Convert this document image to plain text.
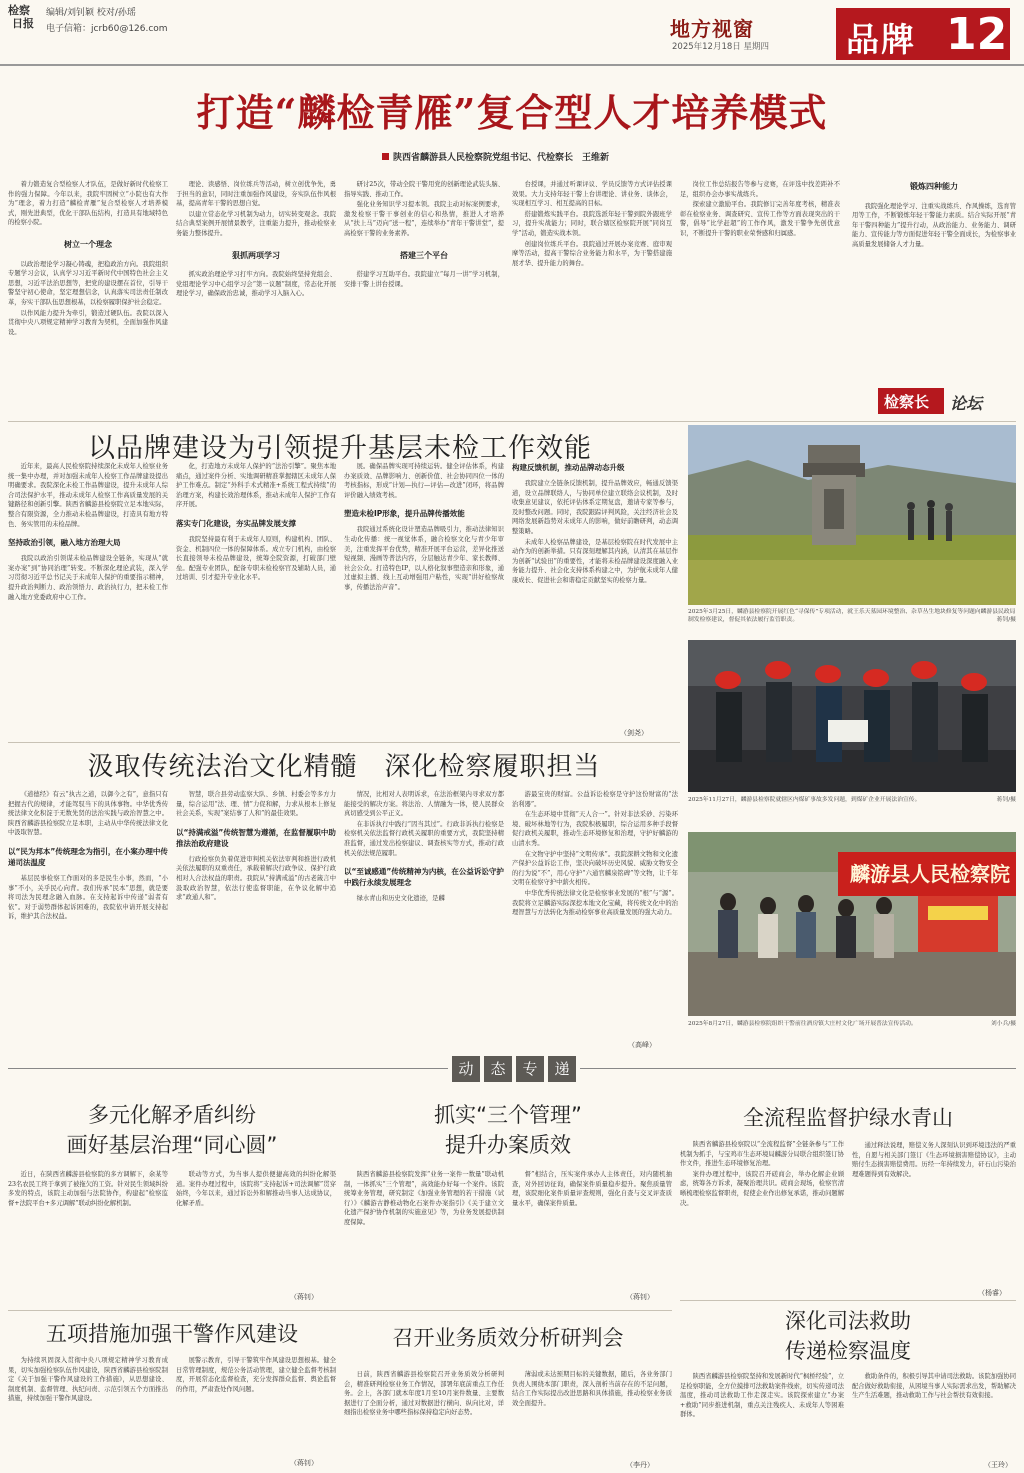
检察
日报
编辑/刘钊颖 校对/孙瑶
电子信箱：jcrb60@126.com	地方视窗
2025年12月18日 星期四 品牌 12
打造“麟检青雁”复合型人才培养模式
陕西省麟游县人民检察院党组书记、代检察长　王维新

着力锻造复合型检察人才队伍，是做好新时代检察工作的强力保障。今年以来，我院牢固树立“小院也有大作为”理念，着力打造“麟检青雁”复合型检察人才培养模式，刚先进典型，优化干部队伍结构，打造具有地域特色的检察小院。

树立一个理念

以政治理论学习凝心铸魂，把稳政治方向。我院组织专题学习会议，认真学习习近平新时代中国特色社会主义思想，习近平法治思想等，把党的建设摆在首位，引导干警坚守初心使命，坚定理想信念，认真落实司法责任制改革，夯实干部队伍思想根基，以检察履职保护社会稳定。

以作风能力提升为牵引，锻造过硬队伍。我院以深入贯彻中央八项规定精神学习教育为契机，全面加强作风建设。

理论、读感悟、岗位练兵等活动，树立创优争先，勇于担当的意识，同时注重加强作风建设，夯实队伍作风根基，提高青年干警的思想自觉。

以建立常态化学习机制为动力，切实转变观念。我院结合典型案例开展情景教学，注重能力提升，推动检察业务能力整体提升。

狠抓两项学习

抓实政治理论学习打牢方向。我院始终坚持党组会、党组理论学习中心组学习会“第一议题”制度，常态化开展理论学习，确保政治忠诚，推动学习入脑入心。

研讨25次，带动全院干警用党的创新理论武装头脑、指导实践、推动工作。

强化业务知识学习提本领。我院主动对标案例要求，激发检察干警干事创业的信心和热情，推进人才培养从“扶上马”迈向“送一程”，连续举办“青年干警讲堂”，提高检察干警的业务素养。

搭建三个平台

搭建学习互助平台。我院建立“每月一讲”学习机制，安排干警上讲台授课。

台授课，并通过听课评议、学员反馈等方式评估授课效果。大力支持年轻干警上台讲理论、讲业务、谈体会，实现相互学习、相互提高的目标。

搭建锻炼实践平台。我院选派年轻干警到院外跟班学习，提升实战能力；同时，联合辖区检察院开展“同岗互学”活动，锻造实战本领。

创建岗位练兵平台。我院通过开展办案竞赛、庭审观摩等活动，提高干警综合业务能力和水平，为干警搭建施展才华、提升能力的舞台。

岗位工作总结报告等参与竞赛，在评选中找差距补不足，组织办会办事实战练兵。

探索建立激励平台。我院修订完善年度考核，精准表彰在检察业务、调查研究、宣传工作等方面表现突出的干警，倡导“比学赶超”的工作作风，激发干警争先创优意识，不断提升干警的职业荣誉感和归属感。

锻炼四种能力

我院强化理论学习、注重实战练兵、作风操练，选育管用等工作，不断锻炼年轻干警能力素质。结合实际开展“青年干警四种能力”提升行动，从政治能力、业务能力、调研能力、宣传能力等方面促进年轻干警全面成长，为检察事业高质量发展储备人才力量。

检察长 论坛
以品牌建设为引领提升基层未检工作效能

近年来，最高人民检察院持续深化未成年人检察业务统一集中办理，并对加强未成年人检察工作品牌建设提出明确要求。我院深化未检工作品牌建设，提升未成年人综合司法保护水平，推动未成年人检察工作高质量发展的关键路径和创新引擎。陕西省麟游县检察院立足本地实际，整合有限资源，全力推动未检品牌建设，打造具有地方特色、务实管用的未检品牌。

坚持政治引领，融入地方治理大局

我院以政治引领谋未检品牌建设全链条，实现从“就案办案”到“协同治理”转变。不断深化理论武装，深入学习贯彻习近平总书记关于未成年人保护的重要指示精神，提升政治判断力、政治领悟力、政治执行力，把未检工作融入地方党委政府中心工作。

化，打造地方未成年人保护的“法治引擎”。聚焦本地痛点，通过案件分析、实地调研精准掌握辖区未成年人保护工作难点。制定“外科手术式精准+系统工程式持续”的治理方案，构建长效治理体系，推动未成年人保护工作有序开展。

落实专门化建设，夯实品牌发展支撑

我院坚持最有利于未成年人原则，构建机构、团队、资金、机制四位一体的保障体系。成立专门机构，由检察长直接领导未检品牌建设，统筹全院资源，打破部门壁垒。配强专业团队，配备专职未检检察官及辅助人员，通过培训、引才提升专业化水平。

展。确保品牌实现可持续运转。健全评估体系，构建办案质效、品牌影响力、创新价值、社会协同四位一体的考核指标，形成“计划—执行—评估—改进”闭环，将品牌评价融入绩效考核。

塑造未检IP形象，提升品牌传播效能

我院通过系统化设计塑造品牌吸引力，推动法律知识生动化传播：统一视觉体系，融合检察文化与青少年审美，注重发挥平台优势，精准开展平台运营，差异化推送短视频、漫画等普法内容，分层触达青少年、家长教师、社会公众。打造特色IP，以人格化叙事塑造亲和形象，通过虚拟主播、线上互动增强用户粘性，实现“讲好检察故事，传播法治声音”。

构建反馈机制，推动品牌动态升级

我院建立全链条反馈机制，提升品牌效应，畅通反馈渠道，设立品牌联络人，与协同单位建立联络会议机制，及时收集意见建议，依托评估体系定期复盘，邀请专家等参与，及时整改问题。同时，我院跟踪评判风险，关注经济社会及网络发展新趋势对未成年人的影响，做好前瞻研判，动态调整策略。

未成年人检察品牌建设，是基层检察院在时代发展中主动作为的创新举措。只有深刻理解其内涵，认清其在基层作为创新“试验田”的重要性，才能将未检品牌建设深度融入业务能力提升、社会化支持体系构建之中，为护航未成年人健康成长、促进社会和谐稳定贡献坚实的检察力量。

（剑尧）
2025年3月25日，麟游县检察院开展红色“寻保传”专项活动，就王乐天墓园环境整治、杂草丛生地块修复等问题向麟游县民政局制发检察建议，督促其依法履行监管职责。	蒋钊/摄
汲取传统法治文化精髓　深化检察履职担当

《道德经》有云“执古之道，以御今之有”，意指只有把握古代的规律，才能驾驭当下的具体事物。中华优秀传统法律文化积淀于无数先贤的法治实践与政治智慧之中。陕西省麟游县检察院立足本职，主动从中华传统法律文化中汲取智慧。

以“民为邦本”传统理念为指引，在小案办理中传递司法温度

基层民事检察工作面对的多是民生小事，然而，“小事”不小，关乎民心向背。我们传承“民本”思想，就是要将司法为民理念融入血脉。在支持起诉中传递“弱者有依”。对于弱势群体起诉困难的，我院依申请开展支持起诉，维护其合法权益。

智慧，联合县劳动监察大队、乡镇、村委会等多方力量，综合运用“法、理、情”力促和解，力求从根本上修复社会关系，实现“案结事了人和”的最佳效果。

以“持满戒溢”传统智慧为遵循，在监督履职中助推法治政府建设

行政检察负负着促进审判机关依法审判和推进行政机关依法履职的双重责任，承载着解决行政争议、保护行政相对人合法权益的职责。我院从“持满戒溢”的古老箴言中汲取政治智慧，依法行使监督职能，在争议化解中追求“政通人和”。

情况，比相对人表明诉求，在法治框架内寻求双方都能接受的解决方案。将法治、人情融为一体，使人民群众真切感受到公平正义。

在非诉执行中践行“因当其过”。行政非诉执行检察是检察机关依法监督行政机关履职的重要方式，我院坚持精准监督，通过发出检察建议、调查核实等方式，推动行政机关依法规范履职。

以“至诚感通”传统精神为内核，在公益诉讼守护中践行永续发展理念

绿水青山和历史文化遗迹，是麟

游最宝贵的财富。公益诉讼检察是守护这份财富的“法治利器”。

在生态环境中贯彻“天人合一”。针对非法采砂、污染环境、破坏林地等行为，我院积极履职，综合运用多种手段督促行政机关履职，推动生态环境修复和治理，守护好麟游的山清水秀。

在文物守护中坚持“文明传承”。我院深耕文物和文化遗产保护公益诉讼工作，坚决向破坏历史风貌、威胁文物安全的行为说“不”，用心守护“六通官麟泉铭碑”等文物，让千年文明在检察守护中薪火相传。

中华优秀传统法律文化是检察事业发展的“根”与“源”。我院将立足麟游实际深挖本地文化宝藏，将传统文化中的治理智慧与方法转化为推动检察事业高质量发展的强大动力。

（高峰）
2025年11月27日，麟游县检察院就辖区内煤矿事故多发问题，到煤矿企业开展法治宣传。	蒋钊/摄
麟游县人民检察院
2025年8月27日，麟游县检察院组织干警前往酒房镇大庄村文化广场开展普法宣传活动。	刘小兵/摄
动	态	专	递
多元化解矛盾纠纷
画好基层治理“同心圆”

近日，在陕西省麟游县检察院的多方调解下，余某等23名农民工终于拿到了被拖欠的工资。针对民生领域纠纷多发的特点，该院主动加强与法院协作，构建起“检察监督+法院平台+多元调解”联动纠纷化解机制。

联动等方式，为当事人提供便捷高效的纠纷化解渠道。案件办理过程中，该院将“支持起诉+司法调解”贯穿始终，今年以来，通过诉讼外和解推动当事人达成协议，化解矛盾。

（蒋钊）
抓实“三个管理”
提升办案质效

陕西省麟游县检察院发挥“业务一案件一数量”联动机制，一体抓实“三个管理”，高效能办好每一个案件。该院统筹业务管理，研究制定《加强业务管理的若干措施（试行）》《麟游古静椎动物化石案件办案指引》《关于建立文化遗产保护协作机制的实施意见》等，为业务发展提供制度保障。

督”相结合，压实案件承办人主体责任，对内随机抽查，对外回访征询，确保案件质量稳步提升。聚焦质量管理，该院细化案件质量评查规则，强化自查与交叉评查质量水平，确保案件质量。

（蒋钊）
全流程监督护绿水青山

陕西省麟游县检察院以“全流程监督”全链条参与“工作机制为抓手，与宝鸡市生态环境局麟游分局联合组织签订协作文件，推进生态环境修复治理。

案件办理过程中，该院召开磋商会，举办化解企业顾虑，统筹各方诉求，凝聚治理共识。磋商会现场，检察官清晰梳理检察监督职责，促使企业作出修复承诺，推动问题解决。

通过释法说理，赔偿义务人深刻认识到环境违法的严重性，自愿与相关部门签订《生态环境损害赔偿协议》，主动赔付生态损害赔偿费用。历经一年持续发力，矸石山污染治理难题得到有效解决。

（杨睿）
五项措施加强干警作风建设

为持续巩固深入贯彻中央八项规定精神学习教育成果，切实加强检察队伍作风建设，陕西省麟游县检察院制定《关于加强干警作风建设的工作措施》，从思想建设、制度机制、监督管理、执纪问责、示范引领五个方面推出措施，持续加强干警作风建设。

展警示教育，引导干警筑牢作风建设思想根基。健全日常管理制度，规范公务活动管理，建立健全监督考核制度，开展常态化监督检查，充分发挥群众监督、舆论监督的作用，严肃查处作风问题。

（蒋钊）
召开业务质效分析研判会

日前，陕西省麟游县检察院召开业务质效分析研判会，精准研判检察业务工作情况，部署年底前重点工作任务。会上，各部门就本年度1月至10月案件数量、主要数据进行了全面分析，通过对数据进行横向、纵向比对，详细指出检察业务中哪些指标保持稳定向好态势。

薄弱或未达预期目标的关键数据，随后，各业务部门负责人围绕本部门职责，深入剖析当前存在的不足问题，结合工作实际提出改进思路和具体措施，推动检察业务质效全面提升。

（李丹）
深化司法救助
传递检察温度

陕西省麟游县检察院坚持和发展新时代“枫桥经验”，立足检察职能，全方位摸排可法救助案件线索，切实传递司法温度，推动司法救助工作走深走实。该院探索建立“办案+救助”同步推进机制，重点关注残疾人、未成年人等困难群体。

救助条件的，积极引导其申请司法救助。该院加强协同配合做好救助衔接，从困境当事人实际需求出发，帮助解决生产生活难题，推动救助工作与社会帮扶有效衔接。

（王玲）
